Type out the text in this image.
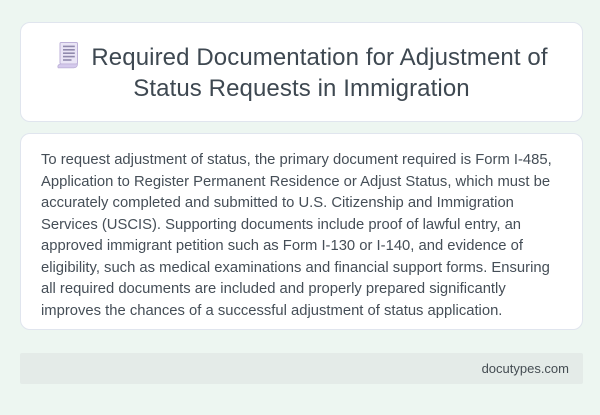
Required Documentation for Adjustment of Status Requests in Immigration

To request adjustment of status, the primary document required is Form I-485, Application to Register Permanent Residence or Adjust Status, which must be accurately completed and submitted to U.S. Citizenship and Immigration Services (USCIS). Supporting documents include proof of lawful entry, an approved immigrant petition such as Form I-130 or I-140, and evidence of eligibility, such as medical examinations and financial support forms. Ensuring all required documents are included and properly prepared significantly improves the chances of a successful adjustment of status application.

docutypes.com
